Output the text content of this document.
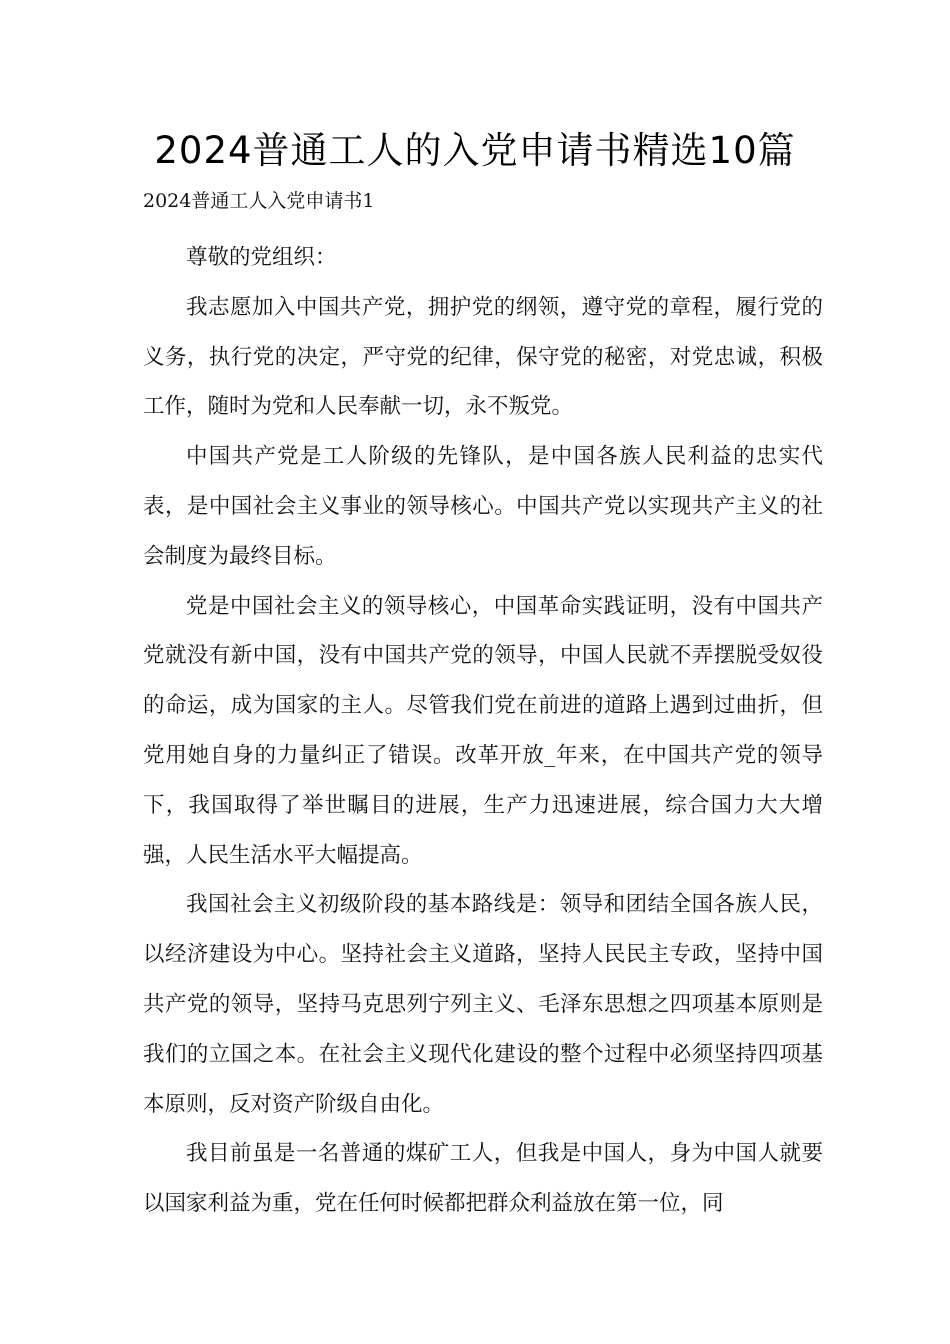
2024普通工人的入党申请书精选10篇
2024普通工人入党申请书1

尊敬的党组织：

我志愿加入中国共产党，拥护党的纲领，遵守党的章程，履行党的义务，执行党的决定，严守党的纪律，保守党的秘密，对党忠诚，积极工作，随时为党和人民奉献一切，永不叛党。

中国共产党是工人阶级的先锋队，是中国各族人民利益的忠实代表，是中国社会主义事业的领导核心。中国共产党以实现共产主义的社会制度为最终目标。

党是中国社会主义的领导核心，中国革命实践证明，没有中国共产党就没有新中国，没有中国共产党的领导，中国人民就不弄摆脱受奴役的命运，成为国家的主人。尽管我们党在前进的道路上遇到过曲折，但党用她自身的力量纠正了错误。改革开放_年来，在中国共产党的领导下，我国取得了举世瞩目的进展，生产力迅速进展，综合国力大大增强，人民生活水平大幅提高。

我国社会主义初级阶段的基本路线是：领导和团结全国各族人民，以经济建设为中心。坚持社会主义道路，坚持人民民主专政，坚持中国共产党的领导，坚持马克思列宁列主义、毛泽东思想之四项基本原则是我们的立国之本。在社会主义现代化建设的整个过程中必须坚持四项基本原则，反对资产阶级自由化。

我目前虽是一名普通的煤矿工人，但我是中国人，身为中国人就要以国家利益为重，党在任何时候都把群众利益放在第一位，同
